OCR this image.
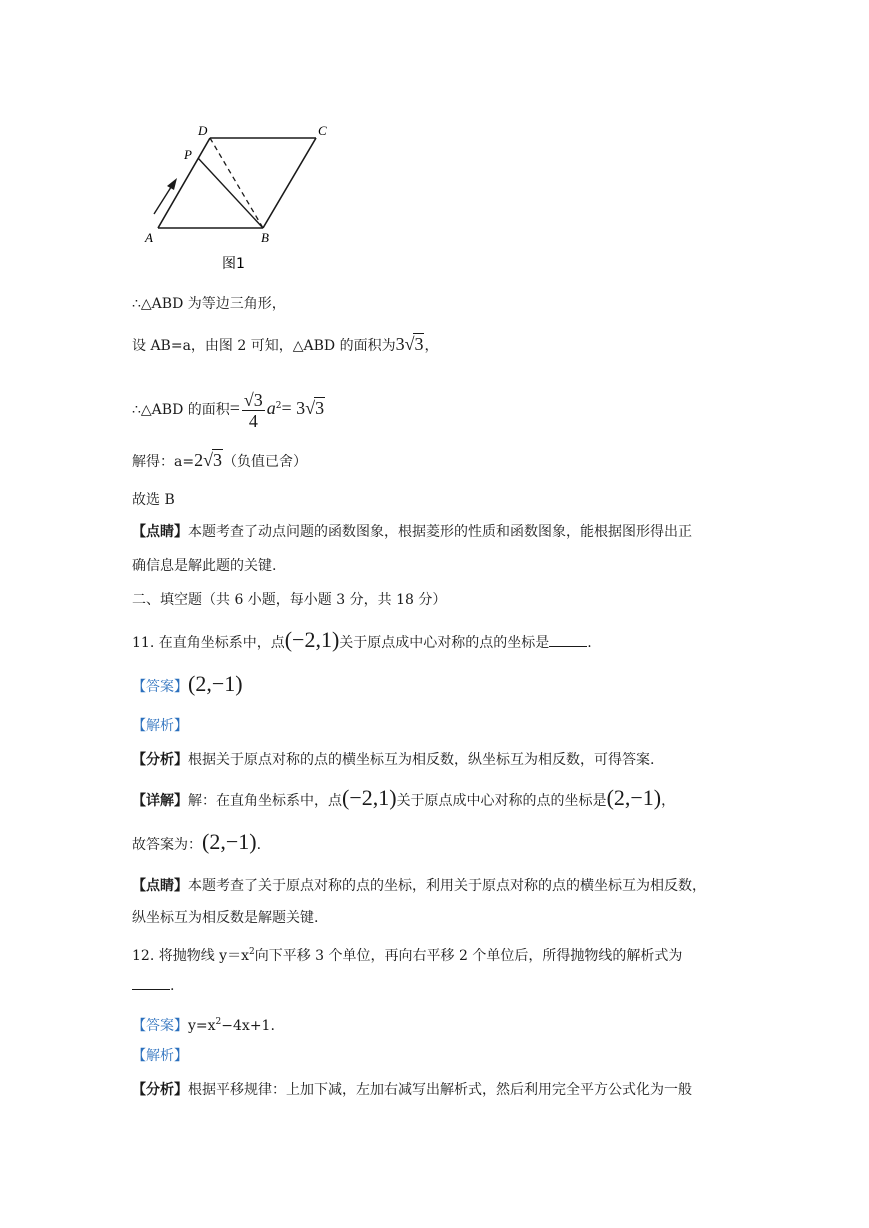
A	B
C
D
P
图1
∴△ABD 为等边三角形，
设 AB=a，由图 2 可知，△ABD 的面积为3√3，
∴△ABD 的面积= $\frac{√3}{4} a^2= 3√3$
解得：a=2√3（负值已舍）
故选 B
【点睛】本题考查了动点问题的函数图象，根据菱形的性质和函数图象，能根据图形得出正
确信息是解此题的关键.
二、填空题（共 6 小题，每小题 3 分，共 18 分）
11. 在直角坐标系中，点(−2,1)关于原点成中心对称的点的坐标是	.
【答案】(2,−1)
【解析】
【分析】根据关于原点对称的点的横坐标互为相反数，纵坐标互为相反数，可得答案.
【详解】解：在直角坐标系中，点(−2,1)关于原点成中心对称的点的坐标是(2,−1)，
故答案为：(2,−1).
【点睛】本题考查了关于原点对称的点的坐标，利用关于原点对称的点的横坐标互为相反数，
纵坐标互为相反数是解题关键.
12. 将抛物线 $y=x^2$向下平移 3 个单位，再向右平移 2 个单位后，所得抛物线的解析式为
.
【答案】$y=x^2-4x+1$.
【解析】
【分析】根据平移规律：上加下减，左加右减写出解析式，然后利用完全平方公式化为一般
